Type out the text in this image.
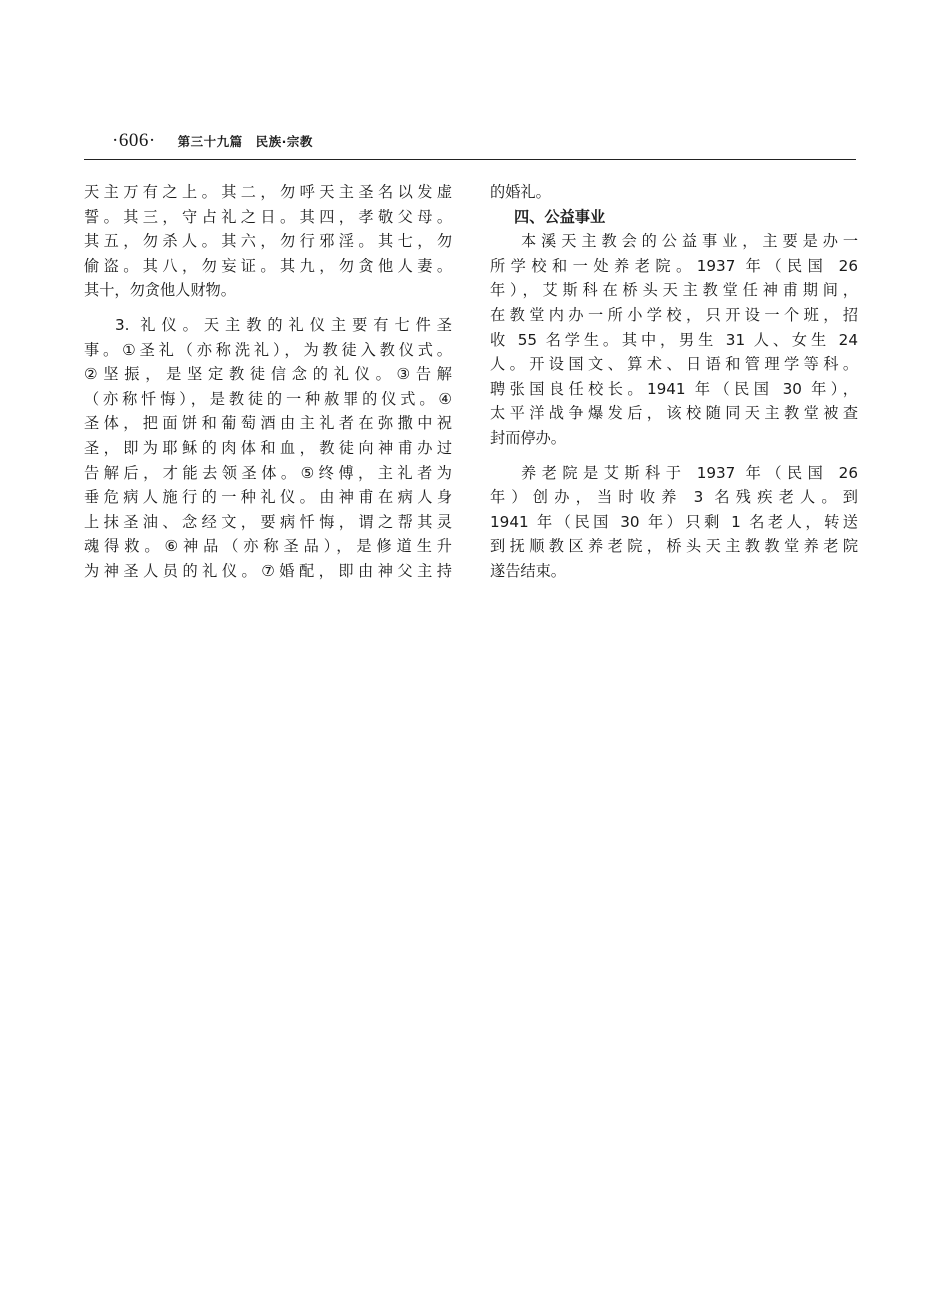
·606· 第三十九篇　民族·宗教
天主万有之上。其二，勿呼天主圣名以发虚
誓。其三，守占礼之日。其四，孝敬父母。
其五，勿杀人。其六，勿行邪淫。其七，勿
偷盗。其八，勿妄证。其九，勿贪他人妻。
其十，勿贪他人财物。
3. 礼仪。天主教的礼仪主要有七件圣
事。①圣礼（亦称洗礼），为教徒入教仪式。
②坚振，是坚定教徒信念的礼仪。③告解
（亦称忏悔），是教徒的一种赦罪的仪式。④
圣体，把面饼和葡萄酒由主礼者在弥撒中祝
圣，即为耶稣的肉体和血，教徒向神甫办过
告解后，才能去领圣体。⑤终傅，主礼者为
垂危病人施行的一种礼仪。由神甫在病人身
上抹圣油、念经文，要病忏悔，谓之帮其灵
魂得救。⑥神品（亦称圣品），是修道生升
为神圣人员的礼仪。⑦婚配，即由神父主持
的婚礼。
四、公益事业
本溪天主教会的公益事业，主要是办一
所学校和一处养老院。1937 年（民国 26
年），艾斯科在桥头天主教堂任神甫期间，
在教堂内办一所小学校，只开设一个班，招
收 55 名学生。其中，男生 31 人、女生 24
人。开设国文、算术、日语和管理学等科。
聘张国良任校长。1941 年（民国 30 年），
太平洋战争爆发后，该校随同天主教堂被查
封而停办。
养老院是艾斯科于 1937 年（民国 26
年）创办，当时收养 3 名残疾老人。到
1941 年（民国 30 年）只剩 1 名老人，转送
到抚顺教区养老院，桥头天主教教堂养老院
遂告结束。
